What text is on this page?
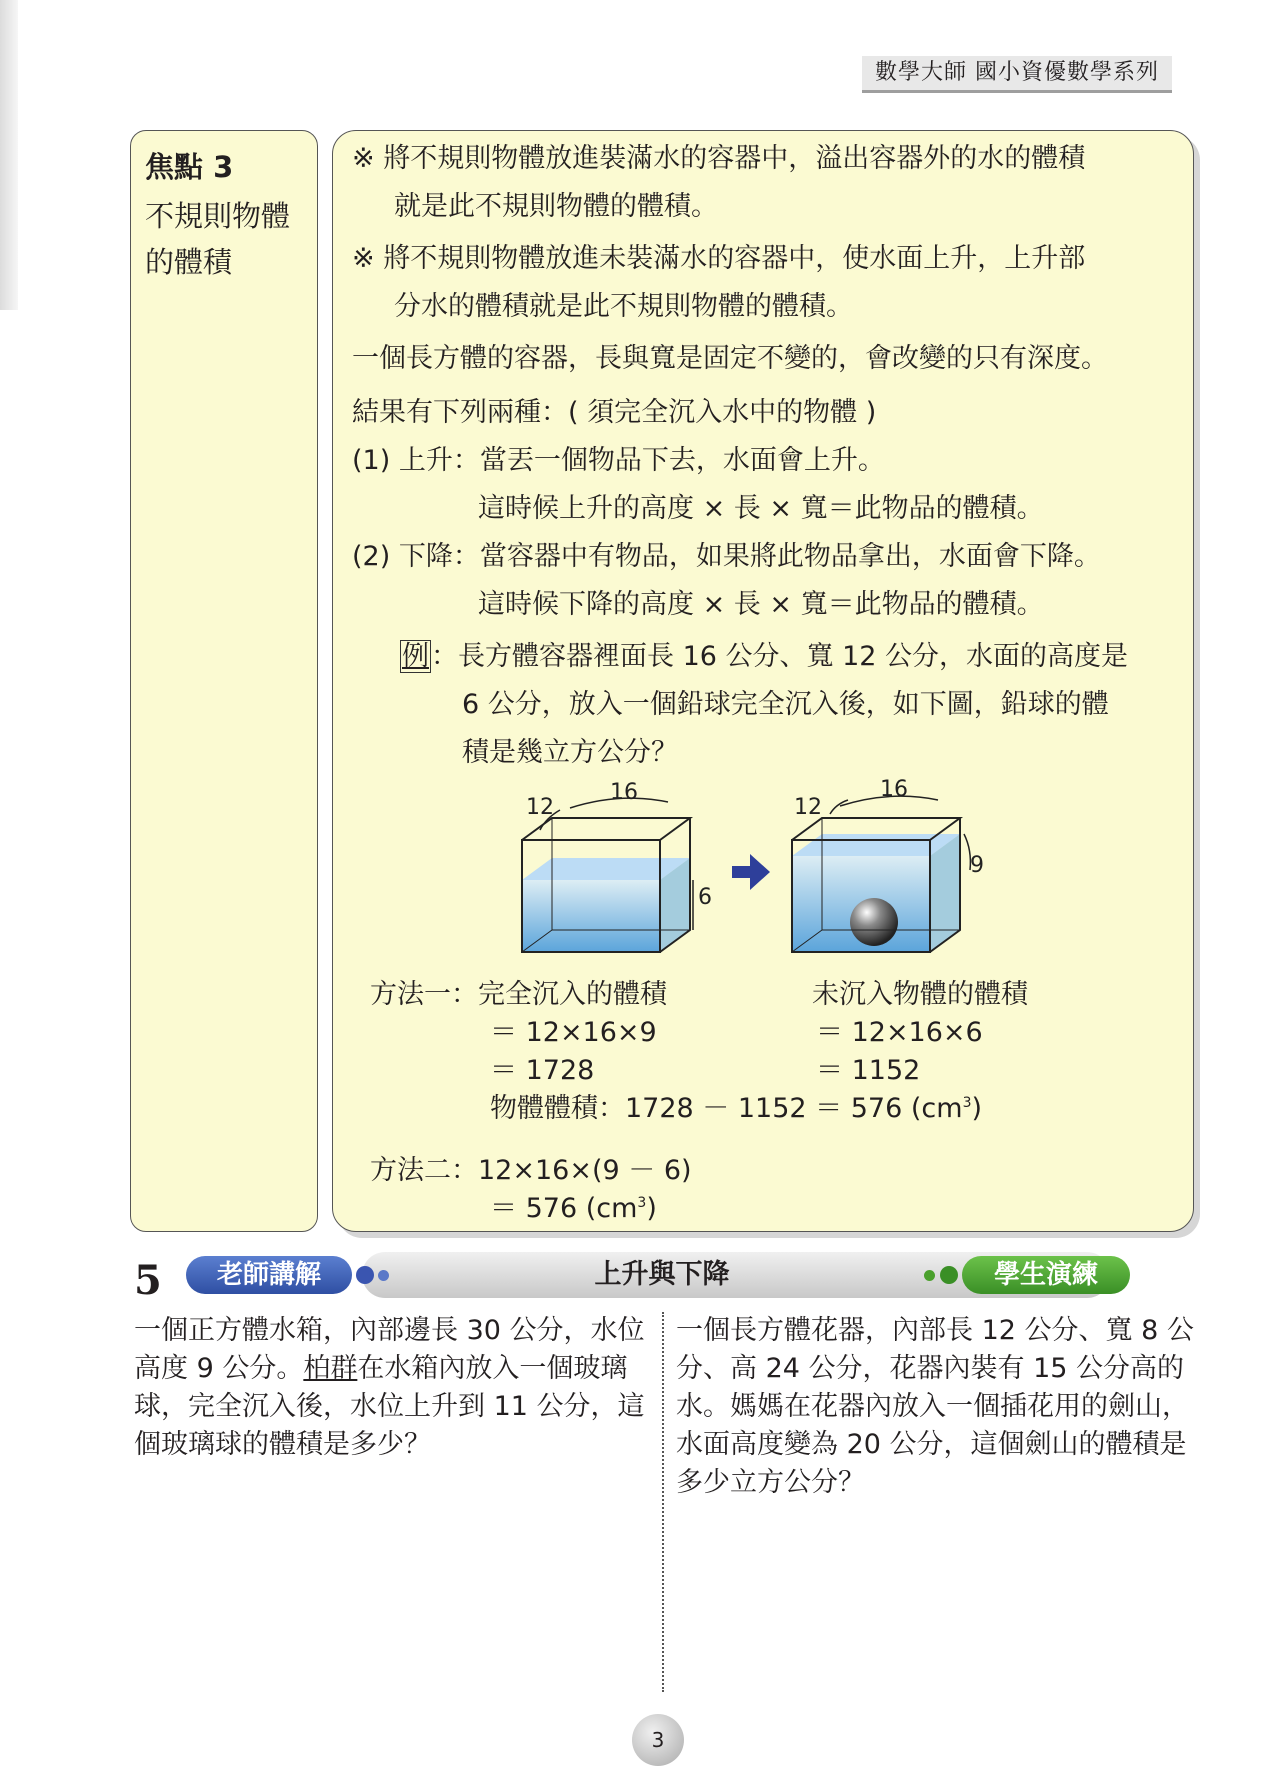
數學大師 國小資優數學系列
焦點 3
不規則物體的體積
※ 將不規則物體放進裝滿水的容器中，溢出容器外的水的體積
就是此不規則物體的體積。
※ 將不規則物體放進未裝滿水的容器中，使水面上升，上升部
分水的體積就是此不規則物體的體積。
一個長方體的容器，長與寬是固定不變的，會改變的只有深度。
結果有下列兩種：( 須完全沉入水中的物體 )
(1) 上升：當丟一個物品下去，水面會上升。
這時候上升的高度 × 長 × 寬＝此物品的體積。
(2) 下降：當容器中有物品，如果將此物品拿出，水面會下降。
這時候下降的高度 × 長 × 寬＝此物品的體積。
例：長方體容器裡面長 16 公分、寬 12 公分，水面的高度是
6 公分，放入一個鉛球完全沉入後，如下圖，鉛球的體
積是幾立方公分？
16
12
6
16
12
9
方法一：完全沉入的體積
＝ 12×16×9
＝ 1728
未沉入物體的體積
＝ 12×16×6
＝ 1152
物體體積：1728 － 1152 ＝ 576 $(cm^3)$
方法二：12×16×(9 － 6)
＝ 576 $(cm^3)$
5	上升與下降
老師講解	學生演練
一個正方體水箱，內部邊長 30 公分，水位高度 9 公分。柏群在水箱內放入一個玻璃球，完全沉入後，水位上升到 11 公分，這個玻璃球的體積是多少？
一個長方體花器，內部長 12 公分、寬 8 公分、高 24 公分，花器內裝有 15 公分高的水。媽媽在花器內放入一個插花用的劍山，水面高度變為 20 公分，這個劍山的體積是多少立方公分？
3
